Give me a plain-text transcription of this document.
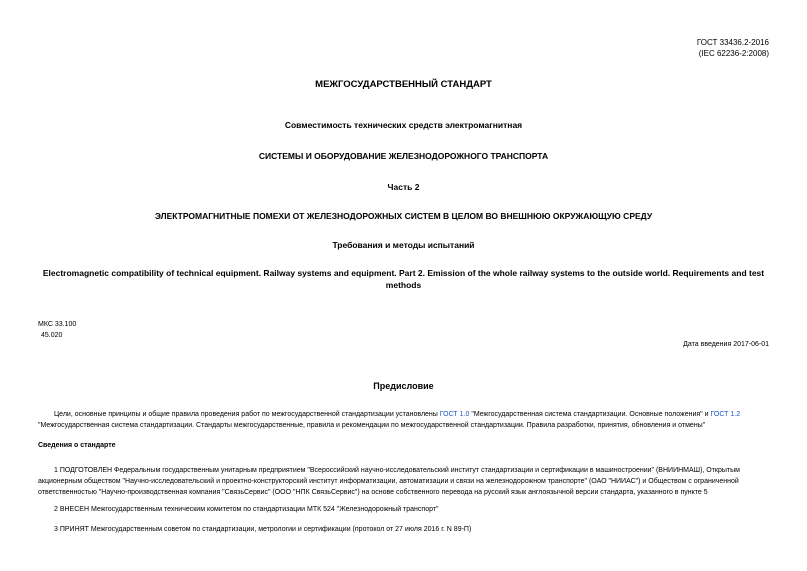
ГОСТ 33436.2-2016
(IEC 62236-2:2008)
МЕЖГОСУДАРСТВЕННЫЙ СТАНДАРТ
Совместимость технических средств электромагнитная
СИСТЕМЫ И ОБОРУДОВАНИЕ ЖЕЛЕЗНОДОРОЖНОГО ТРАНСПОРТА
Часть 2
ЭЛЕКТРОМАГНИТНЫЕ ПОМЕХИ ОТ ЖЕЛЕЗНОДОРОЖНЫХ СИСТЕМ В ЦЕЛОМ ВО ВНЕШНЮЮ ОКРУЖАЮЩУЮ СРЕДУ
Требования и методы испытаний
Electromagnetic compatibility of technical equipment. Railway systems and equipment. Part 2. Emission of the whole railway systems to the outside world. Requirements and test methods
МКС 33.100
45.020
Дата введения 2017-06-01
Предисловие
Цели, основные принципы и общие правила проведения работ по межгосударственной стандартизации установлены ГОСТ 1.0 "Межгосударственная система стандартизации. Основные положения" и ГОСТ 1.2 "Межгосударственная система стандартизации. Стандарты межгосударственные, правила и рекомендации по межгосударственной стандартизации. Правила разработки, принятия, обновления и отмены"
Сведения о стандарте
1 ПОДГОТОВЛЕН Федеральным государственным унитарным предприятием "Всероссийский научно-исследовательский институт стандартизации и сертификации в машиностроении" (ВНИИНМАШ), Открытым акционерным обществом "Научно-исследовательский и проектно-конструкторский институт информатизации, автоматизации и связи на железнодорожном транспорте" (ОАО "НИИАС") и Обществом с ограниченной ответственностью "Научно-производственная компания "СвязьСервис" (ООО "НПК СвязьСервис") на основе собственного перевода на русский язык англоязычной версии стандарта, указанного в пункте 5
2 ВНЕСЕН Межгосударственным техническим комитетом по стандартизации МТК 524 "Железнодорожный транспорт"
3 ПРИНЯТ Межгосударственным советом по стандартизации, метрологии и сертификации (протокол от 27 июля 2016 г. N 89-П)
